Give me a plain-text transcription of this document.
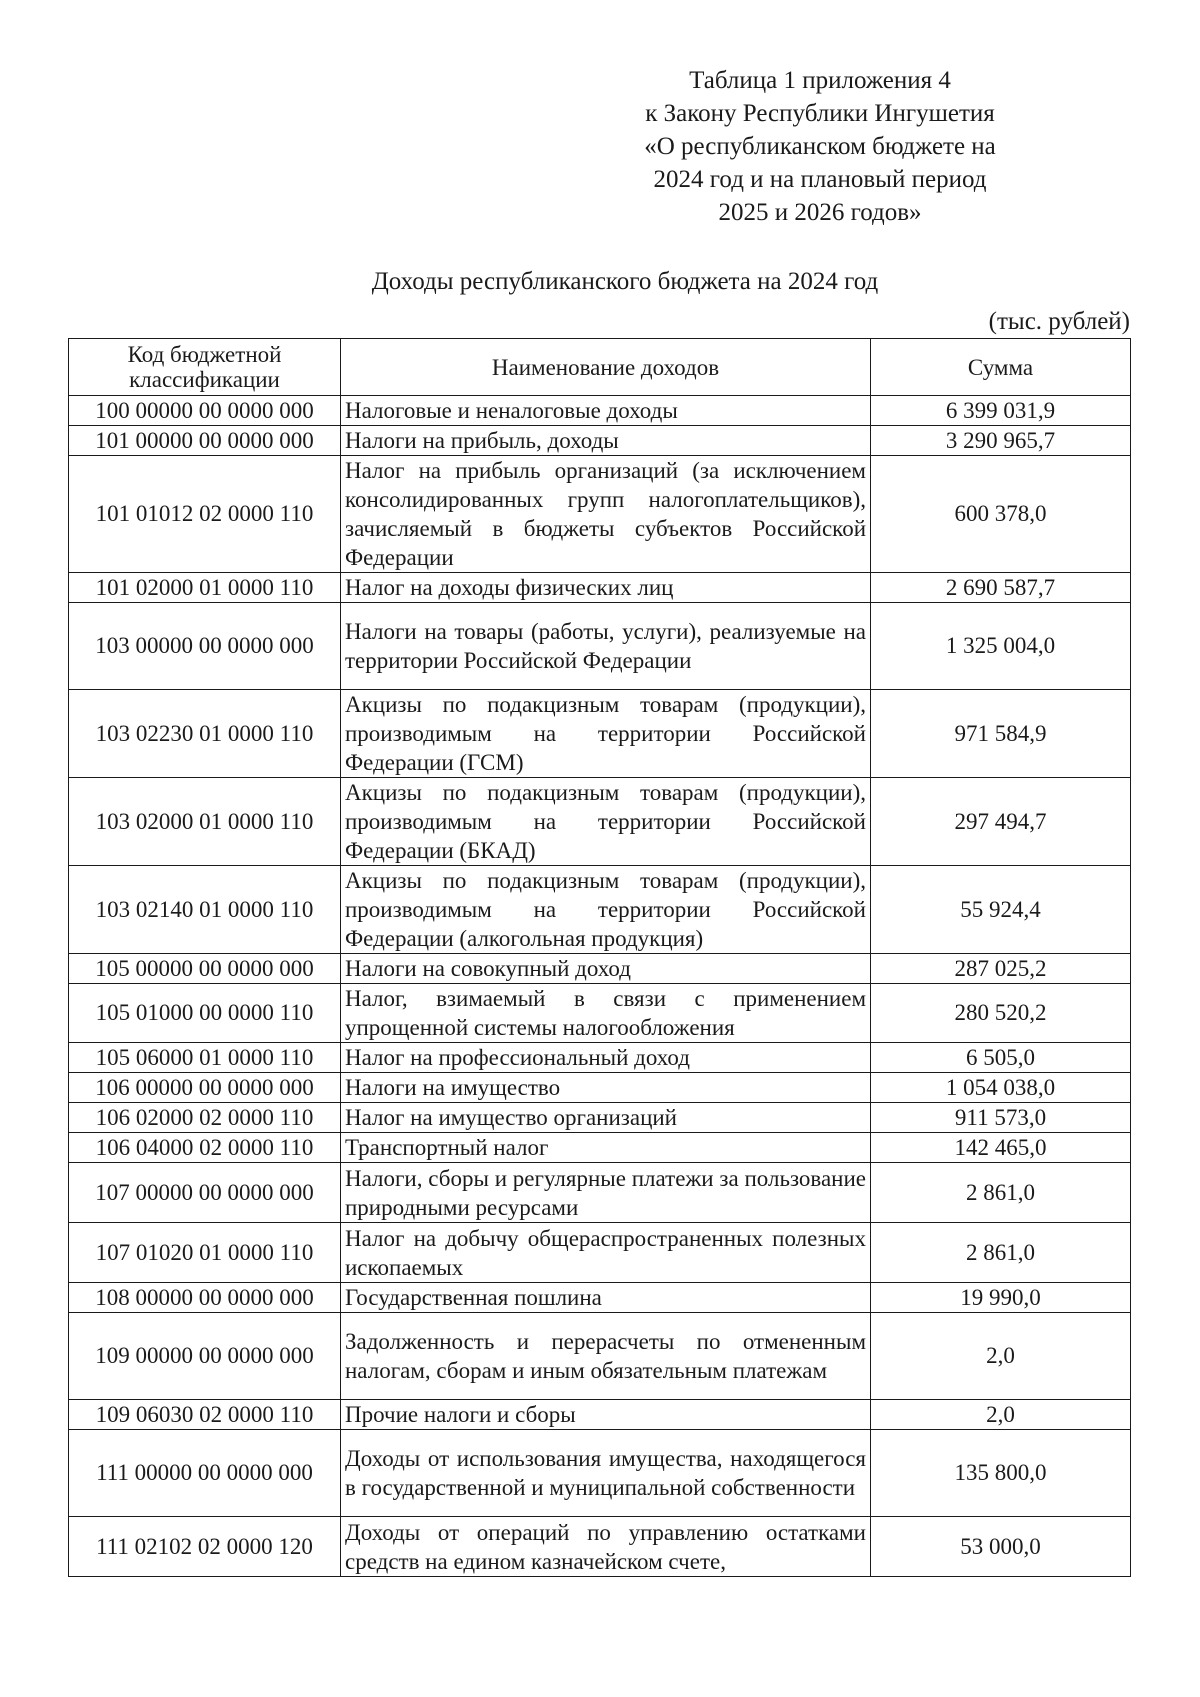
Таблица 1 приложения 4
к Закону Республики Ингушетия
«О республиканском бюджете на
2024 год и на плановый период
2025 и 2026 годов»
Доходы республиканского бюджета на 2024 год
(тыс. рублей)
Код бюджетной классификации	Наименование доходов	Сумма
100 00000 00 0000 000	Налоговые и неналоговые доходы	6 399 031,9
101 00000 00 0000 000	Налоги на прибыль, доходы	3 290 965,7
101 01012 02 0000 110	Налог на прибыль организаций (за исключением консолидированных групп налогоплательщиков), зачисляемый в бюджеты субъектов Российской Федерации	600 378,0
101 02000 01 0000 110	Налог на доходы физических лиц	2 690 587,7
103 00000 00 0000 000	Налоги на товары (работы, услуги), реализуемые на территории Российской Федерации	1 325 004,0
103 02230 01 0000 110	Акцизы по подакцизным товарам (продукции), производимым на территории Российской Федерации (ГСМ)	971 584,9
103 02000 01 0000 110	Акцизы по подакцизным товарам (продукции), производимым на территории Российской Федерации (БКАД)	297 494,7
103 02140 01 0000 110	Акцизы по подакцизным товарам (продукции), производимым на территории Российской Федерации (алкогольная продукция)	55 924,4
105 00000 00 0000 000	Налоги на совокупный доход	287 025,2
105 01000 00 0000 110	Налог, взимаемый в связи с применением упрощенной системы налогообложения	280 520,2
105 06000 01 0000 110	Налог на профессиональный доход	6 505,0
106 00000 00 0000 000	Налоги на имущество	1 054 038,0
106 02000 02 0000 110	Налог на имущество организаций	911 573,0
106 04000 02 0000 110	Транспортный налог	142 465,0
107 00000 00 0000 000	Налоги, сборы и регулярные платежи за пользование природными ресурсами	2 861,0
107 01020 01 0000 110	Налог на добычу общераспространенных полезных ископаемых	2 861,0
108 00000 00 0000 000	Государственная пошлина	19 990,0
109 00000 00 0000 000	Задолженность и перерасчеты по отмененным налогам, сборам и иным обязательным платежам	2,0
109 06030 02 0000 110	Прочие налоги и сборы	2,0
111 00000 00 0000 000	Доходы от использования имущества, находящегося в государственной и муниципальной собственности	135 800,0
111 02102 02 0000 120	Доходы от операций по управлению остатками средств на едином казначейском счете,	53 000,0
